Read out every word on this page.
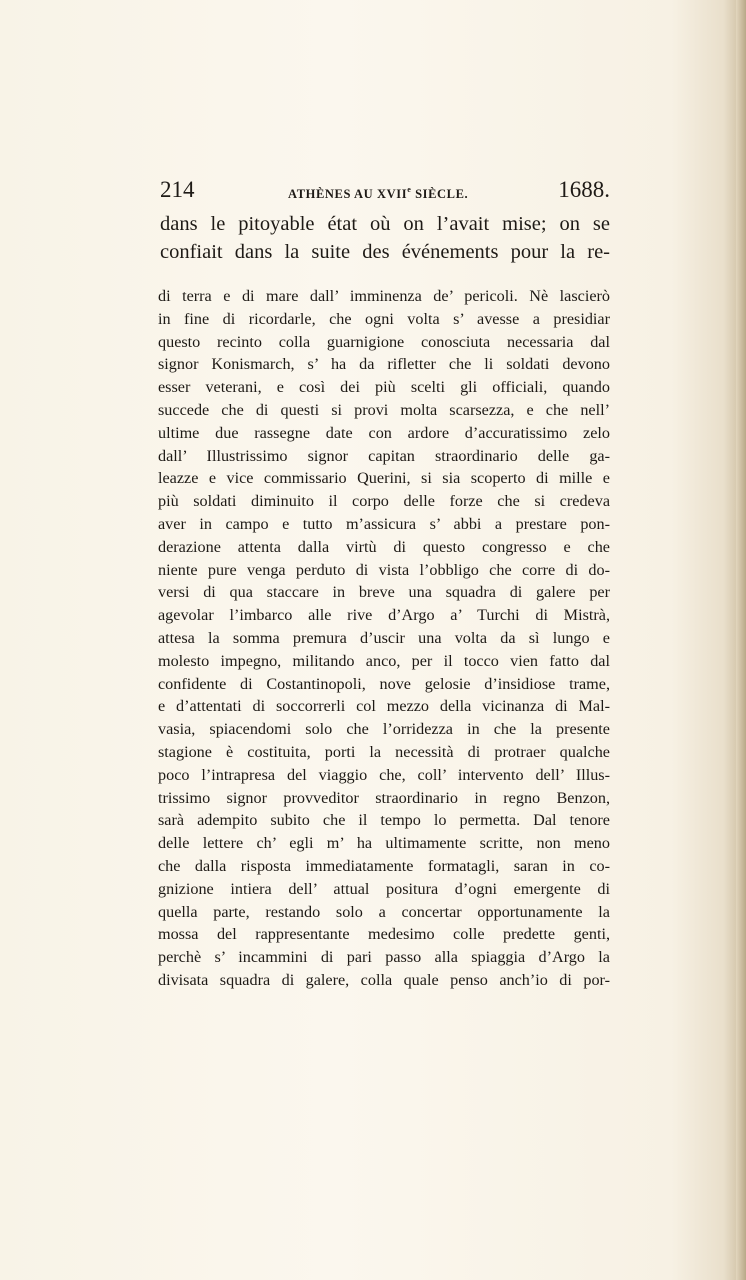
214	ATHÈNES AU XVIIe SIÈCLE.	1688.
dans le pitoyable état où on l’avait mise; on se
confiait dans la suite des événements pour la re-
di terra e di mare dall’ imminenza de’ pericoli. Nè lascierò
in fine di ricordarle, che ogni volta s’ avesse a presidiar
questo recinto colla guarnigione conosciuta necessaria dal
signor Konismarch, s’ ha da rifletter che li soldati devono
esser veterani, e così dei più scelti gli officiali, quando
succede che di questi si provi molta scarsezza, e che nell’
ultime due rassegne date con ardore d’accuratissimo zelo
dall’ Illustrissimo signor capitan straordinario delle ga-
leazze e vice commissario Querini, si sia scoperto di mille e
più soldati diminuito il corpo delle forze che si credeva
aver in campo e tutto m’assicura s’ abbi a prestare pon-
derazione attenta dalla virtù di questo congresso e che
niente pure venga perduto di vista l’obbligo che corre di do-
versi di qua staccare in breve una squadra di galere per
agevolar l’imbarco alle rive d’Argo a’ Turchi di Mistrà,
attesa la somma premura d’uscir una volta da sì lungo e
molesto impegno, militando anco, per il tocco vien fatto dal
confidente di Costantinopoli, nove gelosie d’insidiose trame,
e d’attentati di soccorrerli col mezzo della vicinanza di Mal-
vasia, spiacendomi solo che l’orridezza in che la presente
stagione è costituita, porti la necessità di protraer qualche
poco l’intrapresa del viaggio che, coll’ intervento dell’ Illus-
trissimo signor provveditor straordinario in regno Benzon,
sarà adempito subito che il tempo lo permetta. Dal tenore
delle lettere ch’ egli m’ ha ultimamente scritte, non meno
che dalla risposta immediatamente formatagli, saran in co-
gnizione intiera dell’ attual positura d’ogni emergente di
quella parte, restando solo a concertar opportunamente la
mossa del rappresentante medesimo colle predette genti,
perchè s’ incammini di pari passo alla spiaggia d’Argo la
divisata squadra di galere, colla quale penso anch’io di por-
